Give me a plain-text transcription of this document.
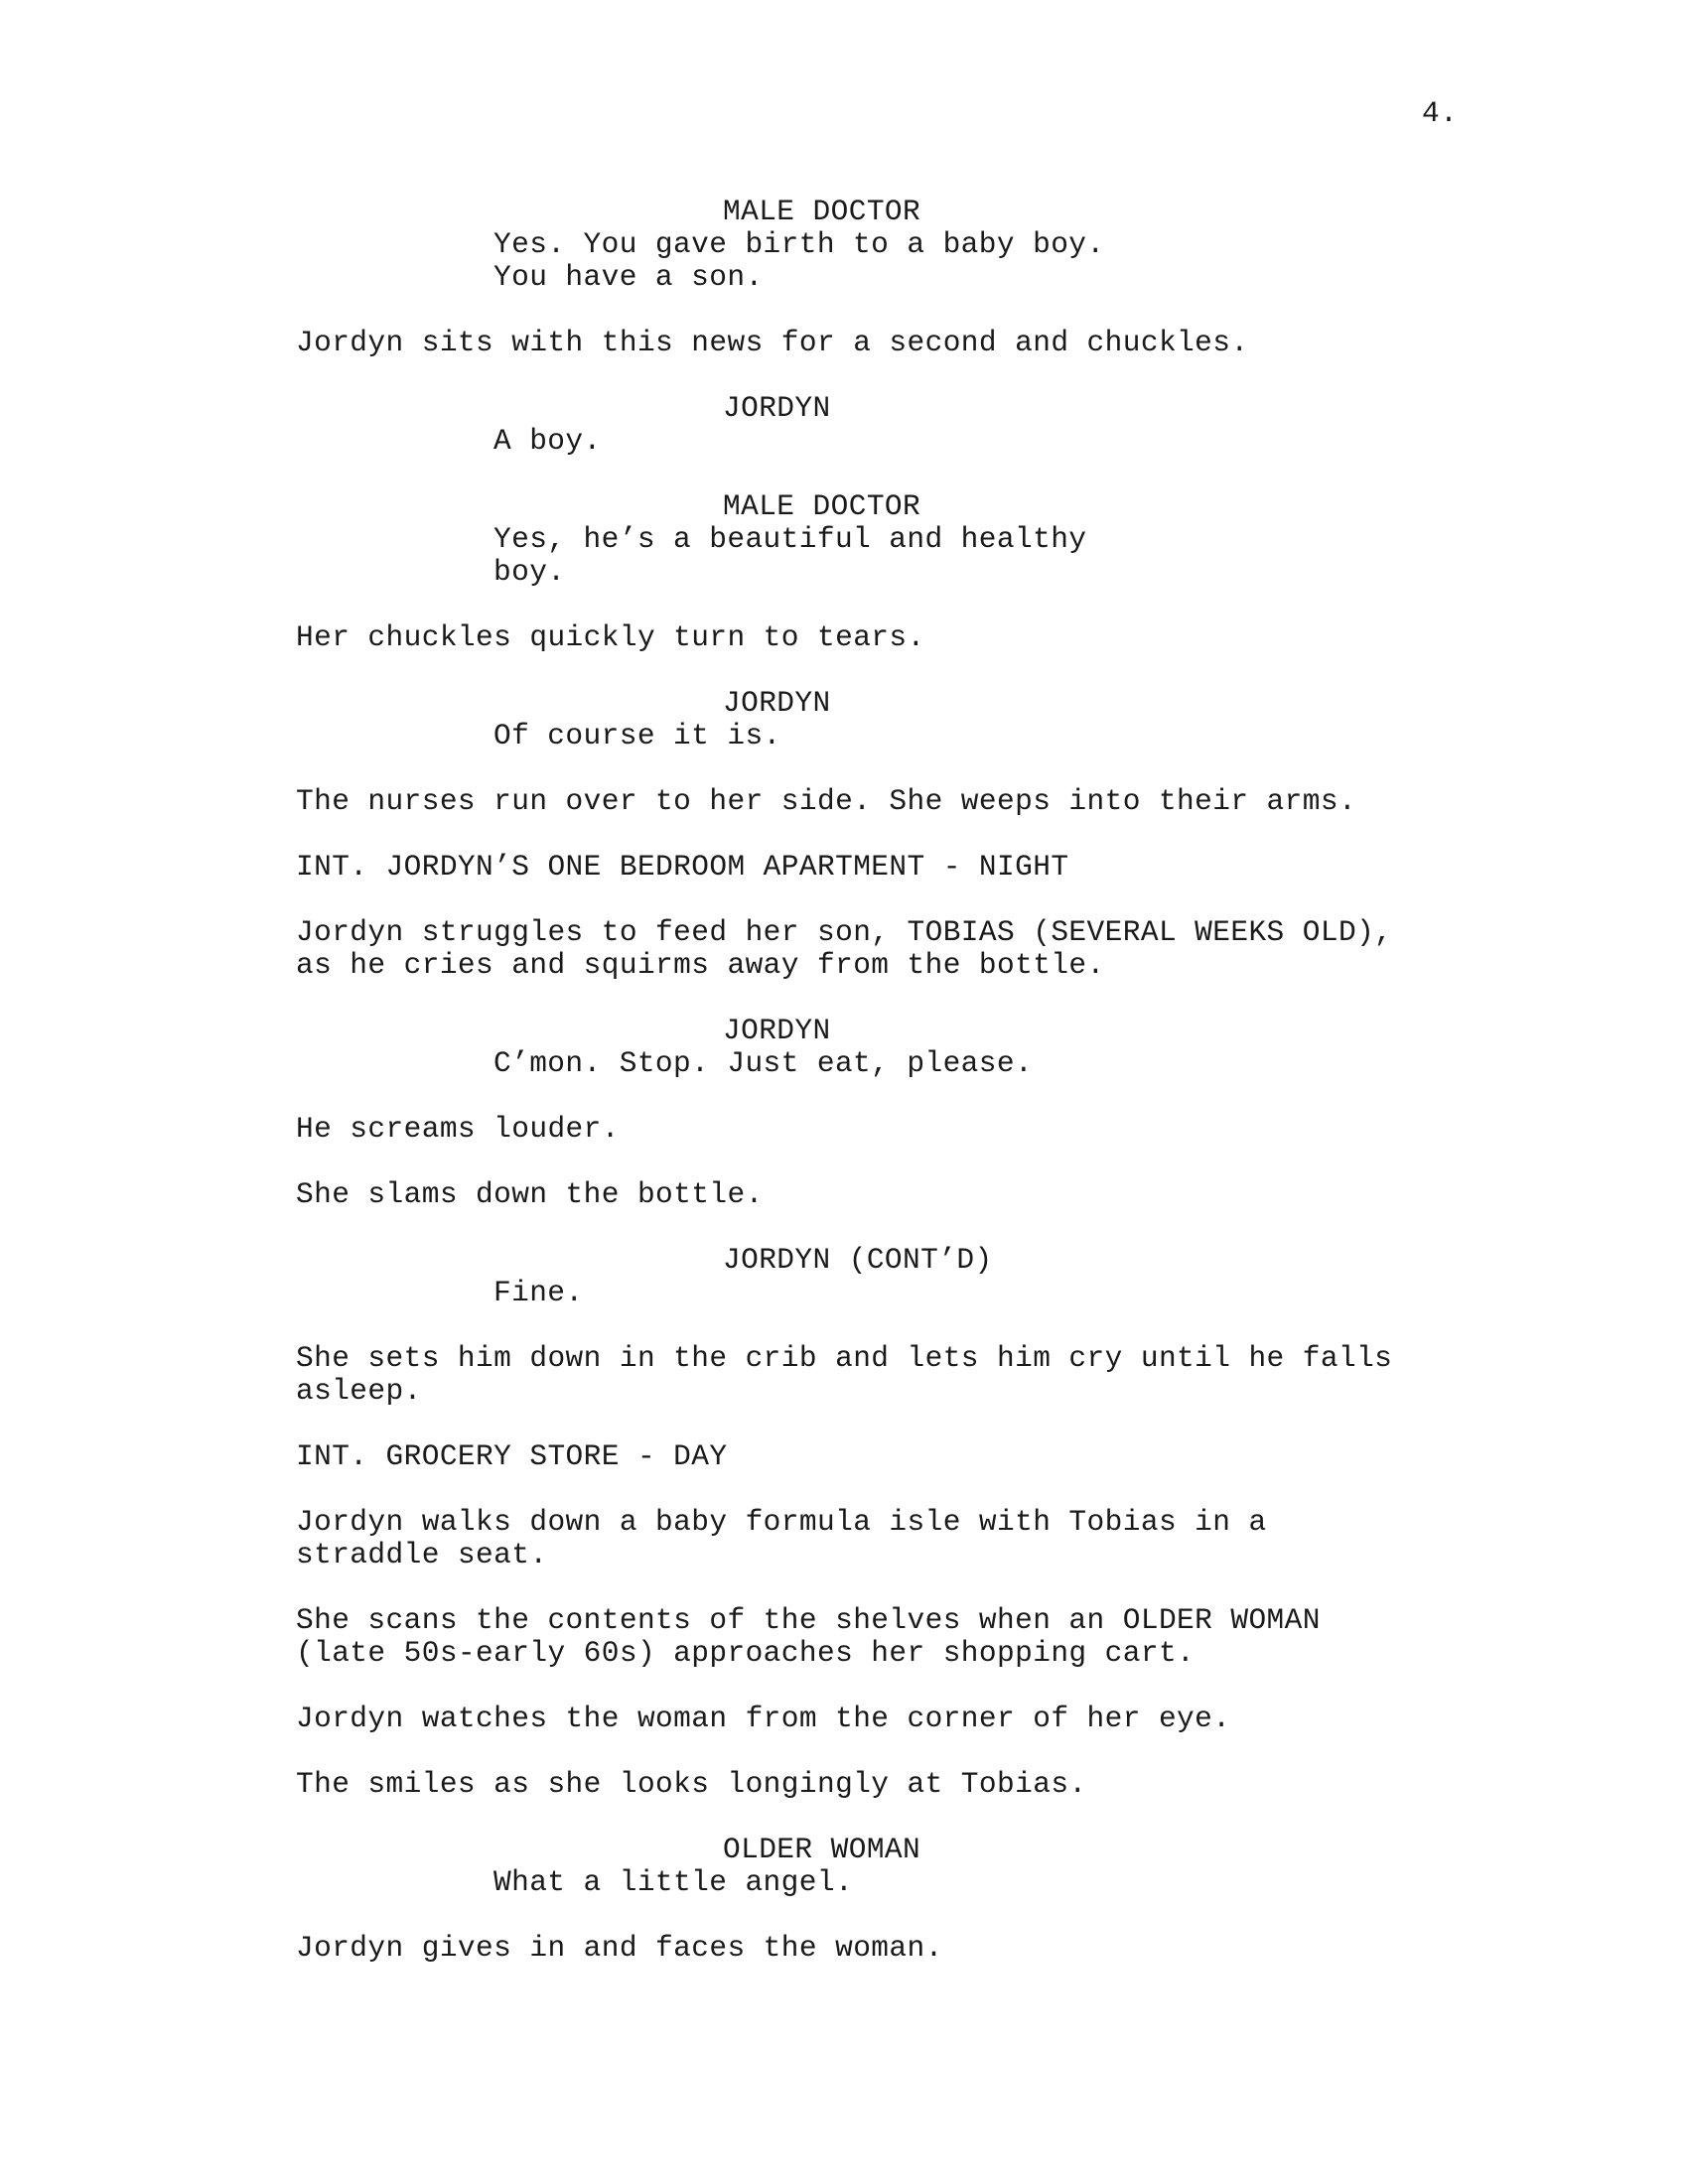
4.
MALE DOCTOR
Yes. You gave birth to a baby boy.
You have a son.
Jordyn sits with this news for a second and chuckles.
JORDYN
A boy.
MALE DOCTOR
Yes, he’s a beautiful and healthy
boy.
Her chuckles quickly turn to tears.
JORDYN
Of course it is.
The nurses run over to her side. She weeps into their arms.
INT. JORDYN’S ONE BEDROOM APARTMENT - NIGHT
Jordyn struggles to feed her son, TOBIAS (SEVERAL WEEKS OLD),
as he cries and squirms away from the bottle.
JORDYN
C’mon. Stop. Just eat, please.
He screams louder.
She slams down the bottle.
JORDYN (CONT’D)
Fine.
She sets him down in the crib and lets him cry until he falls
asleep.
INT. GROCERY STORE - DAY
Jordyn walks down a baby formula isle with Tobias in a
straddle seat.
She scans the contents of the shelves when an OLDER WOMAN
(late 50s-early 60s) approaches her shopping cart.
Jordyn watches the woman from the corner of her eye.
The smiles as she looks longingly at Tobias.
OLDER WOMAN
What a little angel.
Jordyn gives in and faces the woman.
